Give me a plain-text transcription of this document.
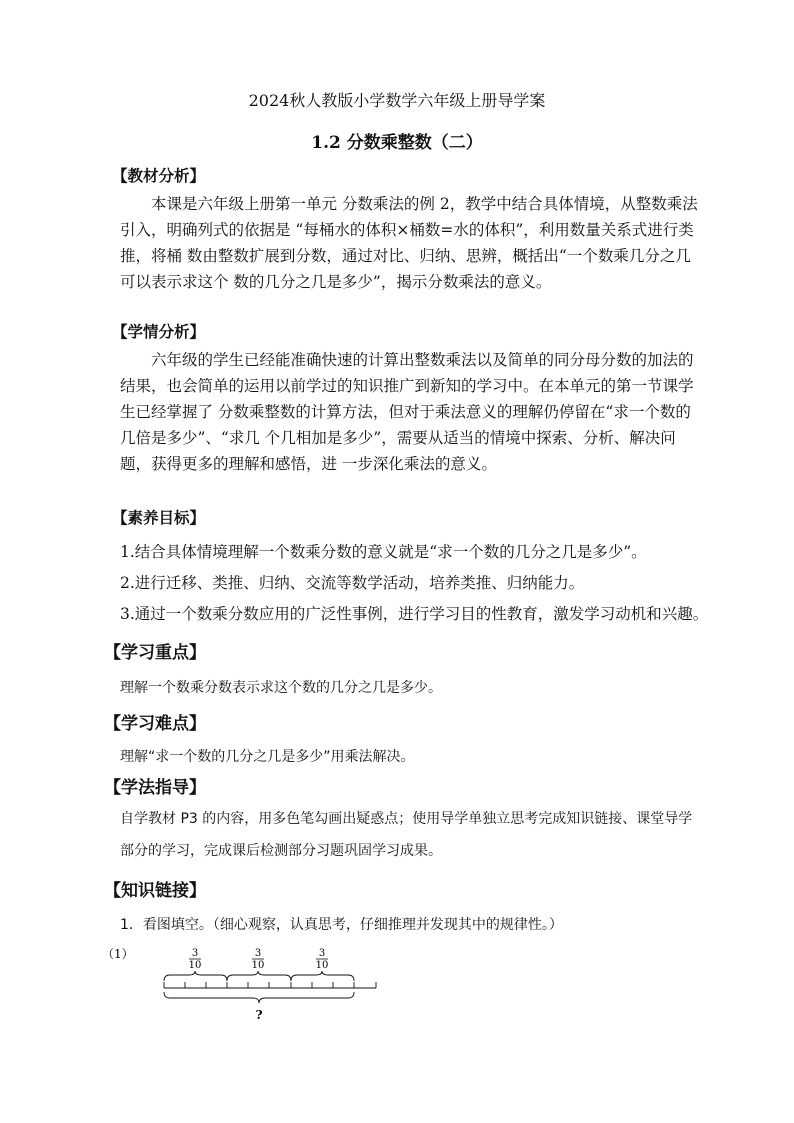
2024秋人教版小学数学六年级上册导学案
1.2 分数乘整数（二）
【教材分析】
本课是六年级上册第一单元 分数乘法的例 2，教学中结合具体情境，从整数乘法引入，明确列式的依据是 “每桶水的体积×桶数=水的体积”，利用数量关系式进行类推，将桶 数由整数扩展到分数，通过对比、归纳、思辨，概括出“一个数乘几分之几可以表示求这个 数的几分之几是多少”，揭示分数乘法的意义。
【学情分析】
六年级的学生已经能准确快速的计算出整数乘法以及简单的同分母分数的加法的结果，也会简单的运用以前学过的知识推广到新知的学习中。在本单元的第一节课学生已经掌握了 分数乘整数的计算方法，但对于乘法意义的理解仍停留在“求一个数的几倍是多少”、“求几 个几相加是多少”，需要从适当的情境中探索、分析、解决问题，获得更多的理解和感悟，进 一步深化乘法的意义。
【素养目标】
1.结合具体情境理解一个数乘分数的意义就是“求一个数的几分之几是多少”。
2.进行迁移、类推、归纳、交流等数学活动，培养类推、归纳能力。
3.通过一个数乘分数应用的广泛性事例，进行学习目的性教育，激发学习动机和兴趣。
【学习重点】
理解一个数乘分数表示求这个数的几分之几是多少。
【学习难点】
理解“求一个数的几分之几是多少”用乘法解决。
【学法指导】
自学教材 P3 的内容，用多色笔勾画出疑惑点；使用导学单独立思考完成知识链接、课堂导学部分的学习，完成课后检测部分习题巩固学习成果。
【知识链接】
1．看图填空。（细心观察，认真思考，仔细推理并发现其中的规律性。）
（1）	3
10
3
10
3
10
?
